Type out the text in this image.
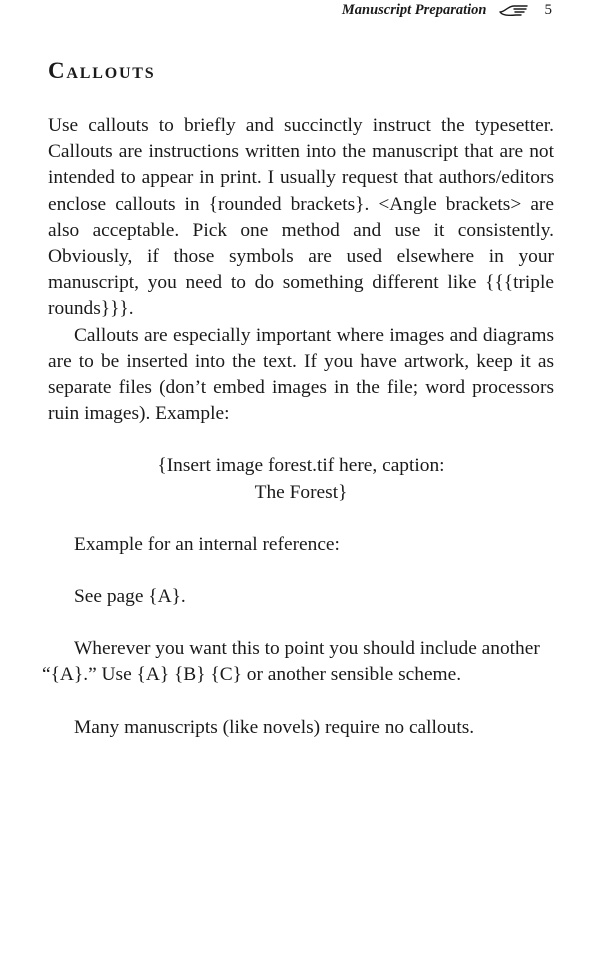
Manuscript Preparation	5
Callouts

Use callouts to briefly and succinctly instruct the typesetter. Callouts are instructions written into the manuscript that are not intended to appear in print. I usually request that authors/editors enclose callouts in {rounded brackets}. <Angle brackets> are also acceptable. Pick one method and use it consistently. Obviously, if those symbols are used elsewhere in your manuscript, you need to do something different like {{{triple rounds}}}.

Callouts are especially important where images and diagrams are to be inserted into the text. If you have artwork, keep it as separate files (don’t embed images in the file; word processors ruin images). Example:

{Insert image forest.tif here, caption:
The Forest}

Example for an internal reference:

See page {A}.

Wherever you want this to point you should include another
“{A}.” Use {A} {B} {C} or another sensible scheme.

Many manuscripts (like novels) require no callouts.
